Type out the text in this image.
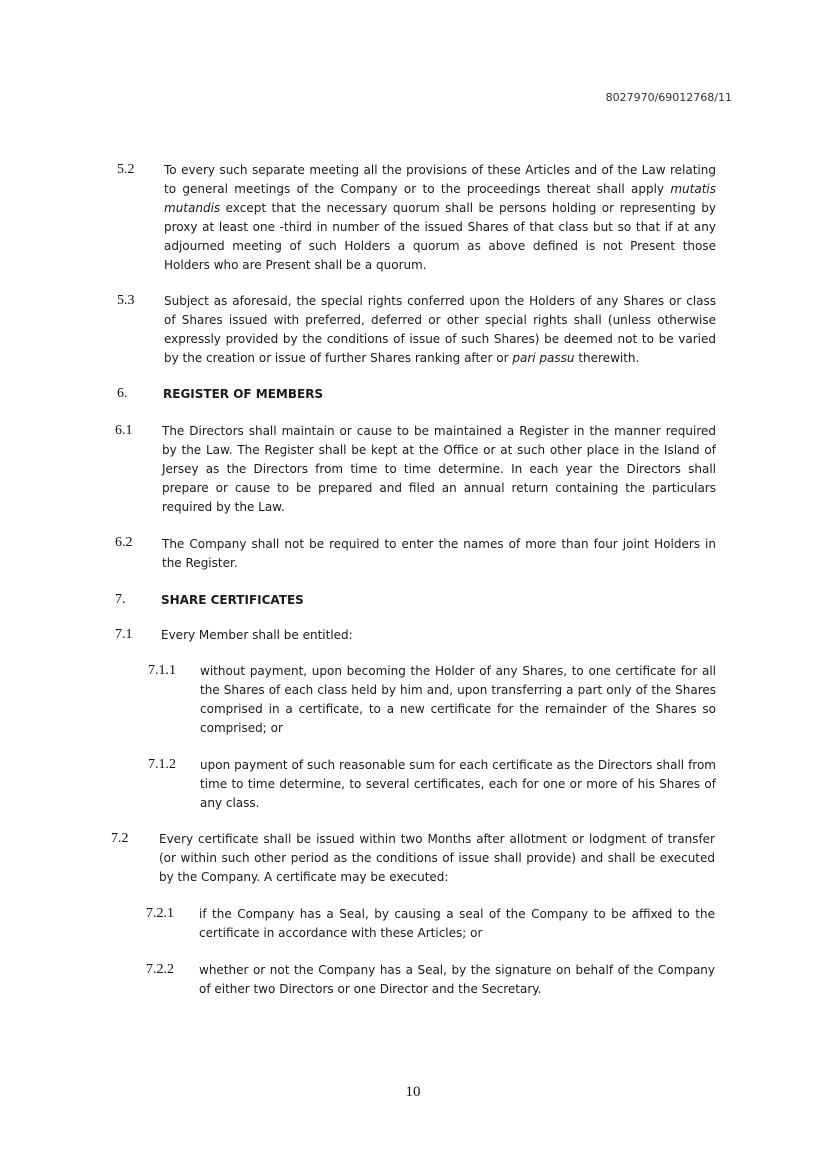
8027970/69012768/11
5.2 To every such separate meeting all the provisions of these Articles and of the Law relating to general meetings of the Company or to the proceedings thereat shall apply mutatis mutandis except that the necessary quorum shall be persons holding or representing by proxy at least one -third in number of the issued Shares of that class but so that if at any adjourned meeting of such Holders a quorum as above defined is not Present those Holders who are Present shall be a quorum.
5.3 Subject as aforesaid, the special rights conferred upon the Holders of any Shares or class of Shares issued with preferred, deferred or other special rights shall (unless otherwise expressly provided by the conditions of issue of such Shares) be deemed not to be varied by the creation or issue of further Shares ranking after or pari passu therewith.
6.	REGISTER OF MEMBERS
6.1 The Directors shall maintain or cause to be maintained a Register in the manner required by the Law. The Register shall be kept at the Office or at such other place in the Island of Jersey as the Directors from time to time determine. In each year the Directors shall prepare or cause to be prepared and filed an annual return containing the particulars required by the Law.
6.2 The Company shall not be required to enter the names of more than four joint Holders in the Register.
7.	SHARE CERTIFICATES
7.1 Every Member shall be entitled:
7.1.1 without payment, upon becoming the Holder of any Shares, to one certificate for all the Shares of each class held by him and, upon transferring a part only of the Shares comprised in a certificate, to a new certificate for the remainder of the Shares so comprised; or
7.1.2 upon payment of such reasonable sum for each certificate as the Directors shall from time to time determine, to several certificates, each for one or more of his Shares of any class.
7.2	Every certificate shall be issued within two Months after allotment or lodgment of transfer (or within such other period as the conditions of issue shall provide) and shall be executed by the Company. A certificate may be executed:
7.2.1 if the Company has a Seal, by causing a seal of the Company to be affixed to the certificate in accordance with these Articles; or
7.2.2 whether or not the Company has a Seal, by the signature on behalf of the Company of either two Directors or one Director and the Secretary.
10
